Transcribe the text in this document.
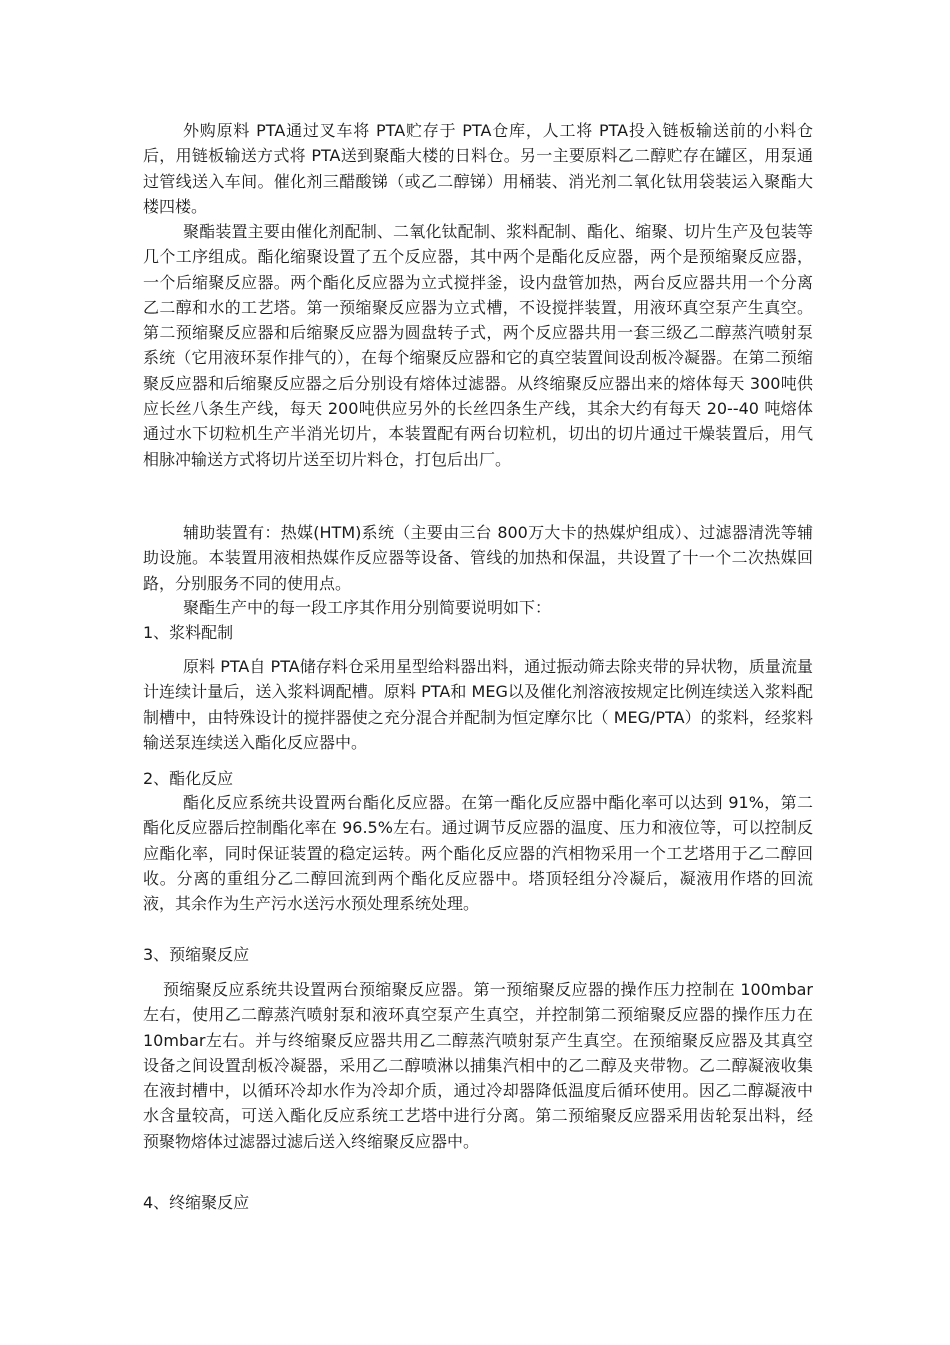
外购原料 PTA通过叉车将 PTA贮存于 PTA仓库，人工将 PTA投入链板输送前的小料仓后，用链板输送方式将 PTA送到聚酯大楼的日料仓。另一主要原料乙二醇贮存在罐区，用泵通过管线送入车间。催化剂三醋酸锑（或乙二醇锑）用桶装、消光剂二氧化钛用袋装运入聚酯大楼四楼。

聚酯装置主要由催化剂配制、二氧化钛配制、浆料配制、酯化、缩聚、切片生产及包装等几个工序组成。酯化缩聚设置了五个反应器，其中两个是酯化反应器，两个是预缩聚反应器，一个后缩聚反应器。两个酯化反应器为立式搅拌釜，设内盘管加热，两台反应器共用一个分离乙二醇和水的工艺塔。第一预缩聚反应器为立式槽，不设搅拌装置，用液环真空泵产生真空。第二预缩聚反应器和后缩聚反应器为圆盘转子式，两个反应器共用一套三级乙二醇蒸汽喷射泵系统（它用液环泵作排气的），在每个缩聚反应器和它的真空装置间设刮板冷凝器。在第二预缩聚反应器和后缩聚反应器之后分别设有熔体过滤器。从终缩聚反应器出来的熔体每天 300吨供应长丝八条生产线，每天 200吨供应另外的长丝四条生产线，其余大约有每天 20--40 吨熔体通过水下切粒机生产半消光切片，本装置配有两台切粒机，切出的切片通过干燥装置后，用气相脉冲输送方式将切片送至切片料仓，打包后出厂。

辅助装置有：热媒(HTM)系统（主要由三台 800万大卡的热媒炉组成）、过滤器清洗等辅助设施。本装置用液相热媒作反应器等设备、管线的加热和保温，共设置了十一个二次热媒回路，分别服务不同的使用点。

聚酯生产中的每一段工序其作用分别简要说明如下：

1、浆料配制

原料 PTA自 PTA储存料仓采用星型给料器出料，通过振动筛去除夹带的异状物，质量流量计连续计量后，送入浆料调配槽。原料 PTA和 MEG以及催化剂溶液按规定比例连续送入浆料配制槽中，由特殊设计的搅拌器使之充分混合并配制为恒定摩尔比（ MEG/PTA）的浆料，经浆料输送泵连续送入酯化反应器中。

2、酯化反应

酯化反应系统共设置两台酯化反应器。在第一酯化反应器中酯化率可以达到 91%，第二酯化反应器后控制酯化率在 96.5%左右。通过调节反应器的温度、压力和液位等，可以控制反应酯化率，同时保证装置的稳定运转。两个酯化反应器的汽相物采用一个工艺塔用于乙二醇回收。分离的重组分乙二醇回流到两个酯化反应器中。塔顶轻组分冷凝后，凝液用作塔的回流液，其余作为生产污水送污水预处理系统处理。

3、预缩聚反应

预缩聚反应系统共设置两台预缩聚反应器。第一预缩聚反应器的操作压力控制在 100mbar左右，使用乙二醇蒸汽喷射泵和液环真空泵产生真空，并控制第二预缩聚反应器的操作压力在 10mbar左右。并与终缩聚反应器共用乙二醇蒸汽喷射泵产生真空。在预缩聚反应器及其真空设备之间设置刮板冷凝器，采用乙二醇喷淋以捕集汽相中的乙二醇及夹带物。乙二醇凝液收集在液封槽中，以循环冷却水作为冷却介质，通过冷却器降低温度后循环使用。因乙二醇凝液中水含量较高，可送入酯化反应系统工艺塔中进行分离。第二预缩聚反应器采用齿轮泵出料，经预聚物熔体过滤器过滤后送入终缩聚反应器中。

4、终缩聚反应
